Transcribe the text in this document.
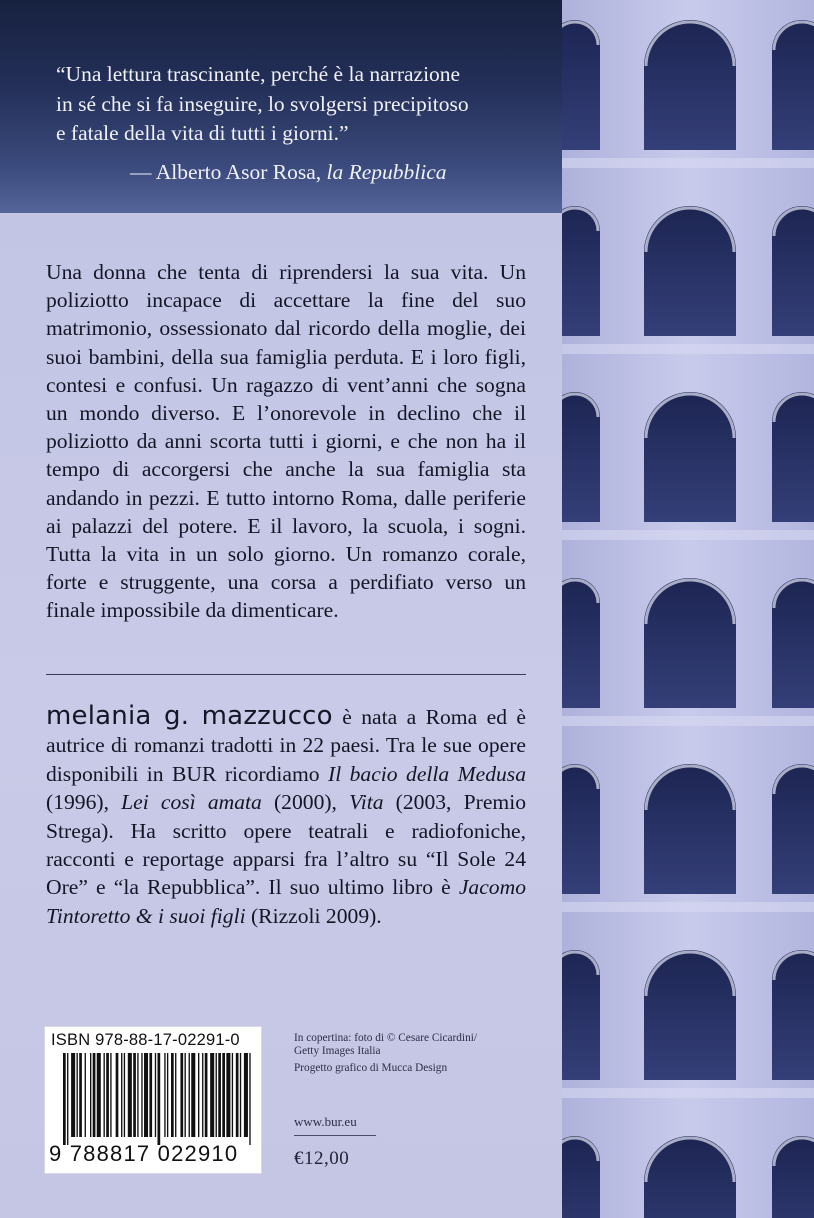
“Una lettura trascinante, perché è la narrazione
in sé che si fa inseguire, lo svolgersi precipitoso
e fatale della vita di tutti i giorni.”
— Alberto Asor Rosa, la Repubblica
Una donna che tenta di riprendersi la sua vita. Un poliziotto incapace di accettare la fine del suo matrimonio, ossessionato dal ricordo della moglie, dei suoi bambini, della sua famiglia perduta. E i loro figli, contesi e confusi. Un ragazzo di vent’anni che sogna un mondo diverso. E l’onorevole in declino che il poliziotto da anni scorta tutti i giorni, e che non ha il tempo di accorgersi che anche la sua famiglia sta andando in pezzi. E tutto intorno Roma, dalle periferie ai palazzi del potere. E il lavoro, la scuola, i sogni. Tutta la vita in un solo giorno. Un romanzo corale, forte e struggente, una corsa a perdifiato verso un finale impossibile da dimenticare.
melania g. mazzucco è nata a Roma ed è autrice di romanzi tradotti in 22 paesi. Tra le sue opere disponibili in BUR ricordiamo Il bacio della Medusa (1996), Lei così amata (2000), Vita (2003, Premio Strega). Ha scritto opere teatrali e radiofoniche, racconti e reportage apparsi fra l’altro su “Il Sole 24 Ore” e “la Repubblica”. Il suo ultimo libro è Jacomo Tintoretto & i suoi figli (Rizzoli 2009).
ISBN 978-88-17-02291-0
9 788817 022910

In copertina: foto di © Cesare Cicardini/

Getty Images Italia

Progetto grafico di Mucca Design

www.bur.eu
€12,00
